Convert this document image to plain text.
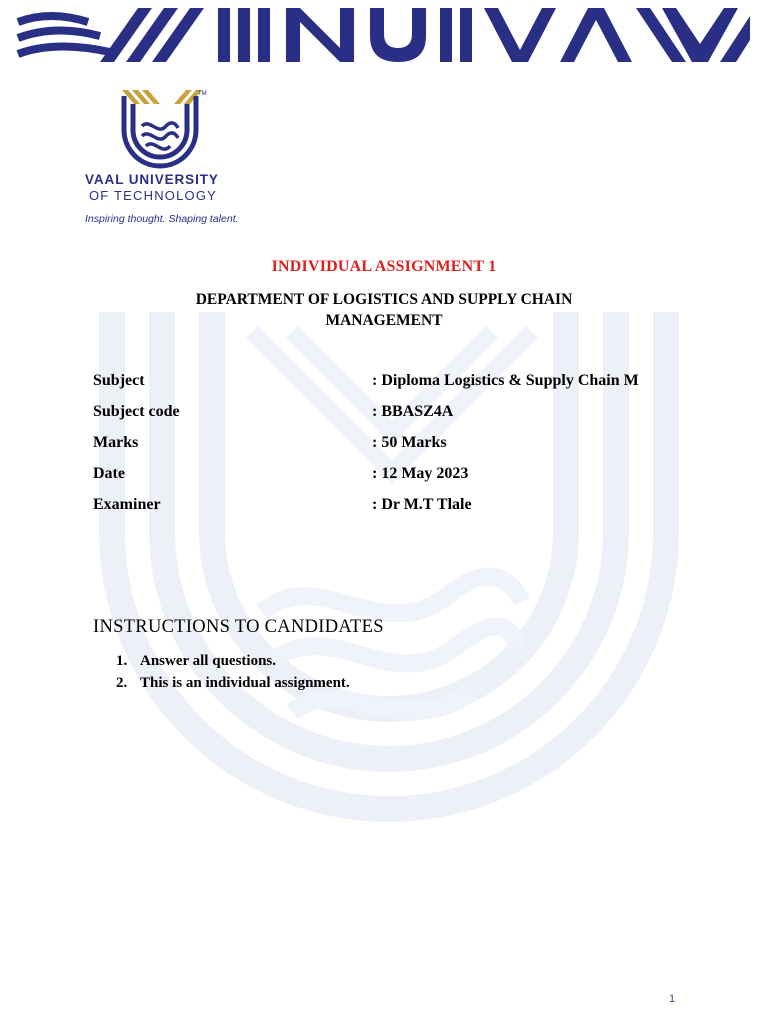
TM
VAAL UNIVERSITY
OF TECHNOLOGY
Inspiring thought. Shaping talent.
INDIVIDUAL ASSIGNMENT 1
DEPARTMENT OF LOGISTICS AND SUPPLY CHAIN MANAGEMENT
Subject	: Diploma Logistics & Supply Chain M
Subject code	: BBASZ4A
Marks	: 50 Marks
Date	: 12 May 2023
Examiner	: Dr M.T Tlale
INSTRUCTIONS TO CANDIDATES
1. Answer all questions.
2. This is an individual assignment.
1
